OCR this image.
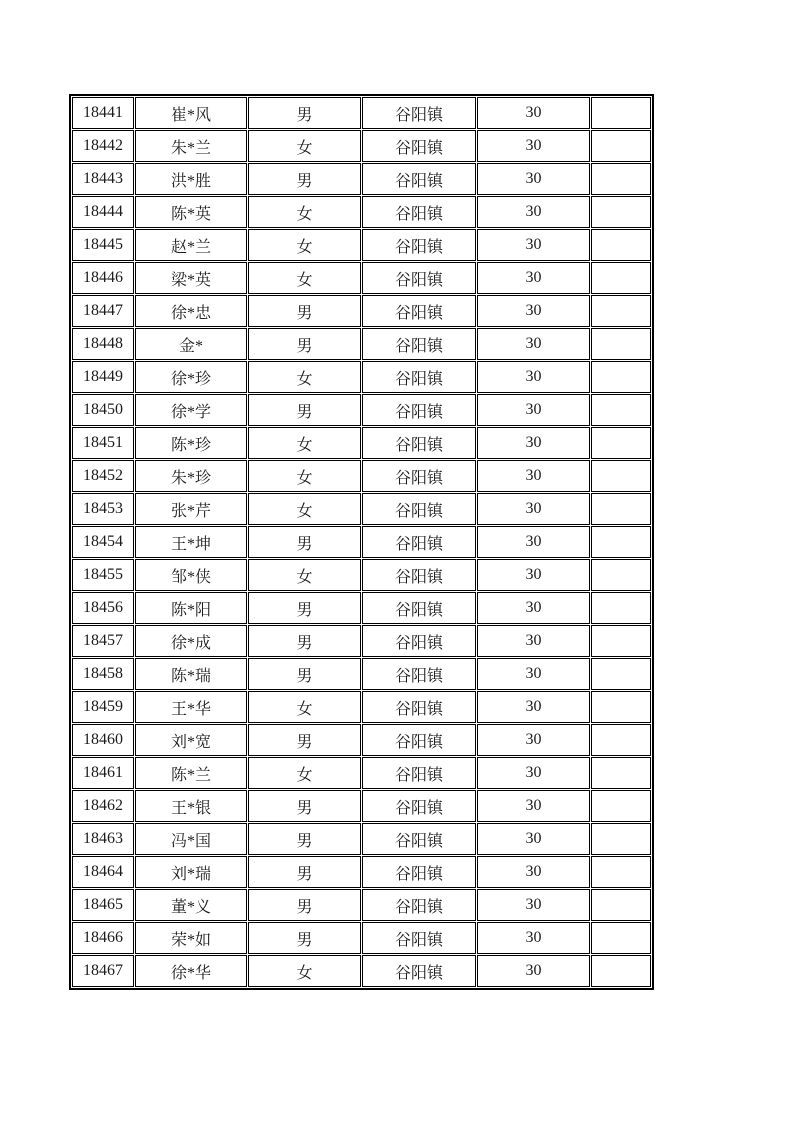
18441	崔*风	男	谷阳镇	30	
18442	朱*兰	女	谷阳镇	30	
18443	洪*胜	男	谷阳镇	30	
18444	陈*英	女	谷阳镇	30	
18445	赵*兰	女	谷阳镇	30	
18446	梁*英	女	谷阳镇	30	
18447	徐*忠	男	谷阳镇	30	
18448	金*	男	谷阳镇	30	
18449	徐*珍	女	谷阳镇	30	
18450	徐*学	男	谷阳镇	30	
18451	陈*珍	女	谷阳镇	30	
18452	朱*珍	女	谷阳镇	30	
18453	张*芹	女	谷阳镇	30	
18454	王*坤	男	谷阳镇	30	
18455	邹*侠	女	谷阳镇	30	
18456	陈*阳	男	谷阳镇	30	
18457	徐*成	男	谷阳镇	30	
18458	陈*瑞	男	谷阳镇	30	
18459	王*华	女	谷阳镇	30	
18460	刘*宽	男	谷阳镇	30	
18461	陈*兰	女	谷阳镇	30	
18462	王*银	男	谷阳镇	30	
18463	冯*国	男	谷阳镇	30	
18464	刘*瑞	男	谷阳镇	30	
18465	董*义	男	谷阳镇	30	
18466	荣*如	男	谷阳镇	30	
18467	徐*华	女	谷阳镇	30	
